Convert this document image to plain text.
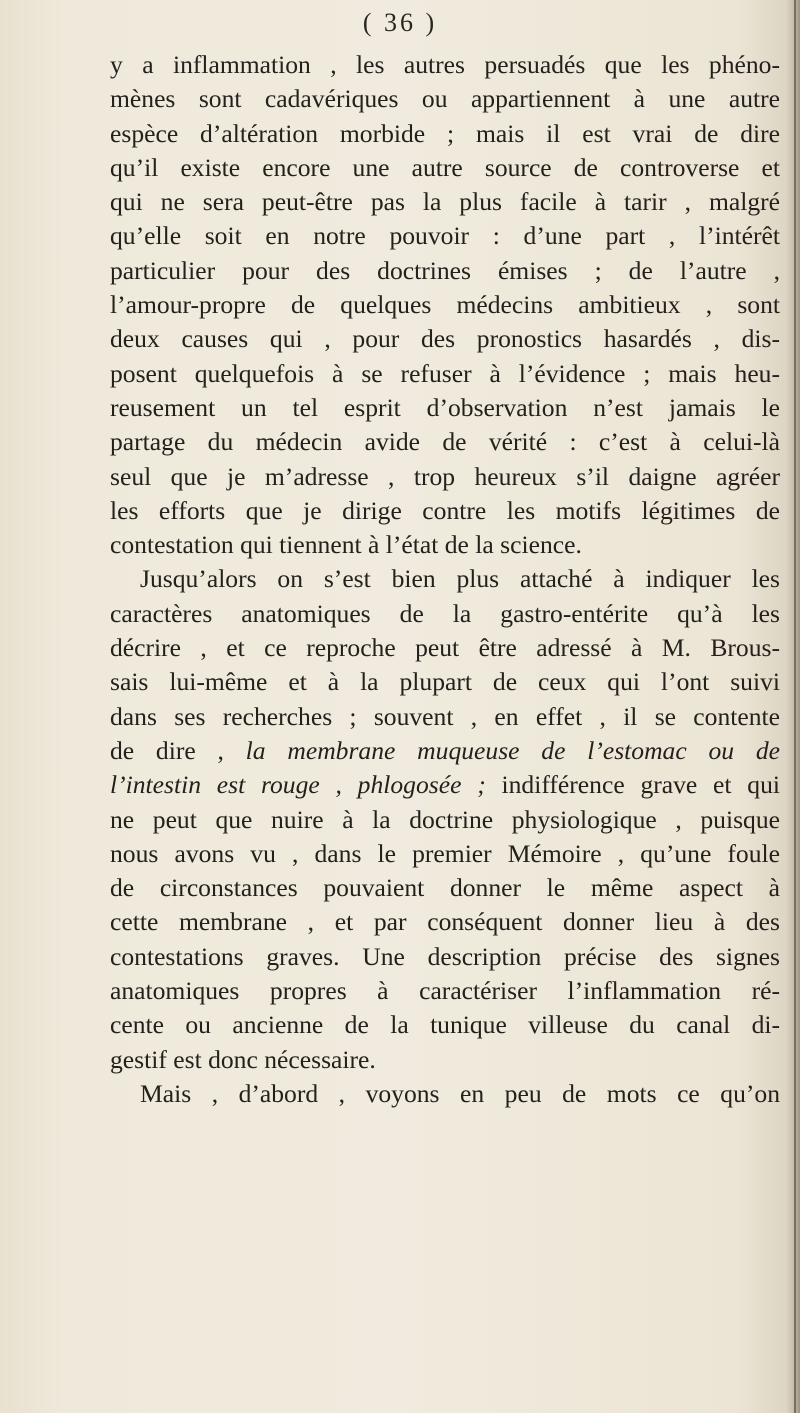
( 36 )
y a inflammation , les autres persuadés que les phéno-
mènes sont cadavériques ou appartiennent à une autre
espèce d’altération morbide ; mais il est vrai de dire
qu’il existe encore une autre source de controverse et
qui ne sera peut-être pas la plus facile à tarir , malgré
qu’elle soit en notre pouvoir : d’une part , l’intérêt
particulier pour des doctrines émises ; de l’autre ,
l’amour-propre de quelques médecins ambitieux , sont
deux causes qui , pour des pronostics hasardés , dis-
posent quelquefois à se refuser à l’évidence ; mais heu-
reusement un tel esprit d’observation n’est jamais le
partage du médecin avide de vérité : c’est à celui-là
seul que je m’adresse , trop heureux s’il daigne agréer
les efforts que je dirige contre les motifs légitimes de
contestation qui tiennent à l’état de la science.
Jusqu’alors on s’est bien plus attaché à indiquer les
caractères anatomiques de la gastro-entérite qu’à les
décrire , et ce reproche peut être adressé à M. Brous-
sais lui-même et à la plupart de ceux qui l’ont suivi
dans ses recherches ; souvent , en effet , il se contente
de dire , la membrane muqueuse de l’estomac ou de
l’intestin est rouge , phlogosée ; indifférence grave et qui
ne peut que nuire à la doctrine physiologique , puisque
nous avons vu , dans le premier Mémoire , qu’une foule
de circonstances pouvaient donner le même aspect à
cette membrane , et par conséquent donner lieu à des
contestations graves. Une description précise des signes
anatomiques propres à caractériser l’inflammation ré-
cente ou ancienne de la tunique villeuse du canal di-
gestif est donc nécessaire.
Mais , d’abord , voyons en peu de mots ce qu’on
